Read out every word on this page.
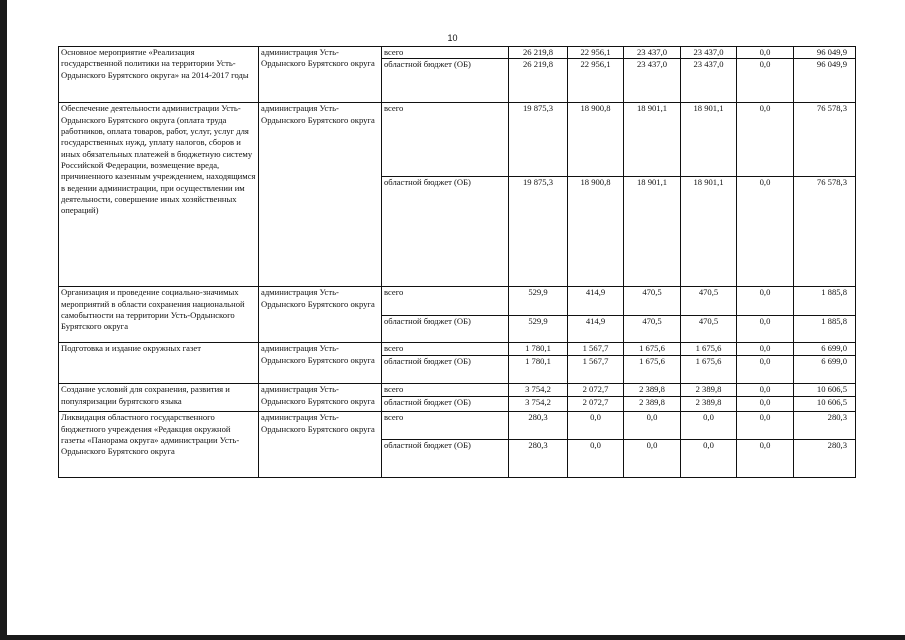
10
Основное мероприятие «Реализация государственной политики на территории Усть-Ордынского Бурятского округа» на 2014-2017 годы	администрация Усть-Ордынского Бурятского округа	всего	26 219,8	22 956,1	23 437,0	23 437,0	0,0	96 049,9
		областной бюджет (ОБ)	26 219,8	22 956,1	23 437,0	23 437,0	0,0	96 049,9
Обеспечение деятельности администрации Усть-Ордынского Бурятского округа (оплата труда работников, оплата товаров, работ, услуг, услуг для государственных нужд, уплату налогов, сборов и иных обязательных платежей в бюджетную систему Российской Федерации, возмещение вреда, причиненного казенным учреждением, находящимся в ведении администрации, при осуществлении им деятельности, совершение иных хозяйственных операций)	администрация Усть-Ордынского Бурятского округа	всего	19 875,3	18 900,8	18 901,1	18 901,1	0,0	76 578,3
		областной бюджет (ОБ)	19 875,3	18 900,8	18 901,1	18 901,1	0,0	76 578,3
Организация и проведение социально-значимых мероприятий в области сохранения национальной самобытности на территории Усть-Ордынского Бурятского округа	администрация Усть-Ордынского Бурятского округа	всего	529,9	414,9	470,5	470,5	0,0	1 885,8
		областной бюджет (ОБ)	529,9	414,9	470,5	470,5	0,0	1 885,8
Подготовка и издание окружных газет	администрация Усть-Ордынского Бурятского округа	всего	1 780,1	1 567,7	1 675,6	1 675,6	0,0	6 699,0
		областной бюджет (ОБ)	1 780,1	1 567,7	1 675,6	1 675,6	0,0	6 699,0
Создание условий для сохранения, развития и популяризации бурятского языка	администрация Усть-Ордынского Бурятского округа	всего	3 754,2	2 072,7	2 389,8	2 389,8	0,0	10 606,5
		областной бюджет (ОБ)	3 754,2	2 072,7	2 389,8	2 389,8	0,0	10 606,5
Ликвидация областного государственного бюджетного учреждения «Редакция окружной газеты «Панорама округа» администрации Усть-Ордынского Бурятского округа	администрация Усть-Ордынского Бурятского округа	всего	280,3	0,0	0,0	0,0	0,0	280,3
		областной бюджет (ОБ)	280,3	0,0	0,0	0,0	0,0	280,3
